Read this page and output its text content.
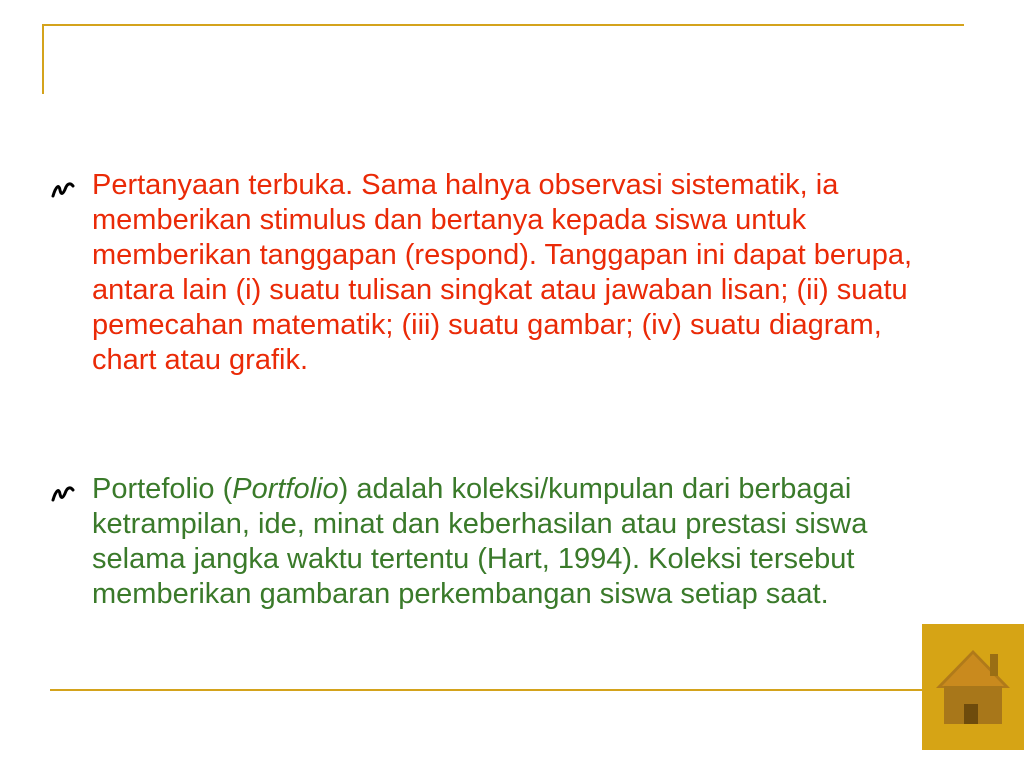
Pertanyaan terbuka. Sama halnya observasi sistematik, ia memberikan stimulus dan bertanya kepada siswa untuk memberikan tanggapan (respond). Tanggapan ini dapat berupa, antara lain (i) suatu tulisan singkat atau jawaban lisan; (ii) suatu pemecahan matematik; (iii) suatu gambar; (iv) suatu diagram, chart atau grafik.
Portefolio (Portfolio) adalah koleksi/kumpulan dari berbagai ketrampilan, ide, minat dan keberhasilan atau prestasi siswa selama jangka waktu tertentu (Hart, 1994). Koleksi tersebut memberikan gambaran perkembangan siswa setiap saat.
